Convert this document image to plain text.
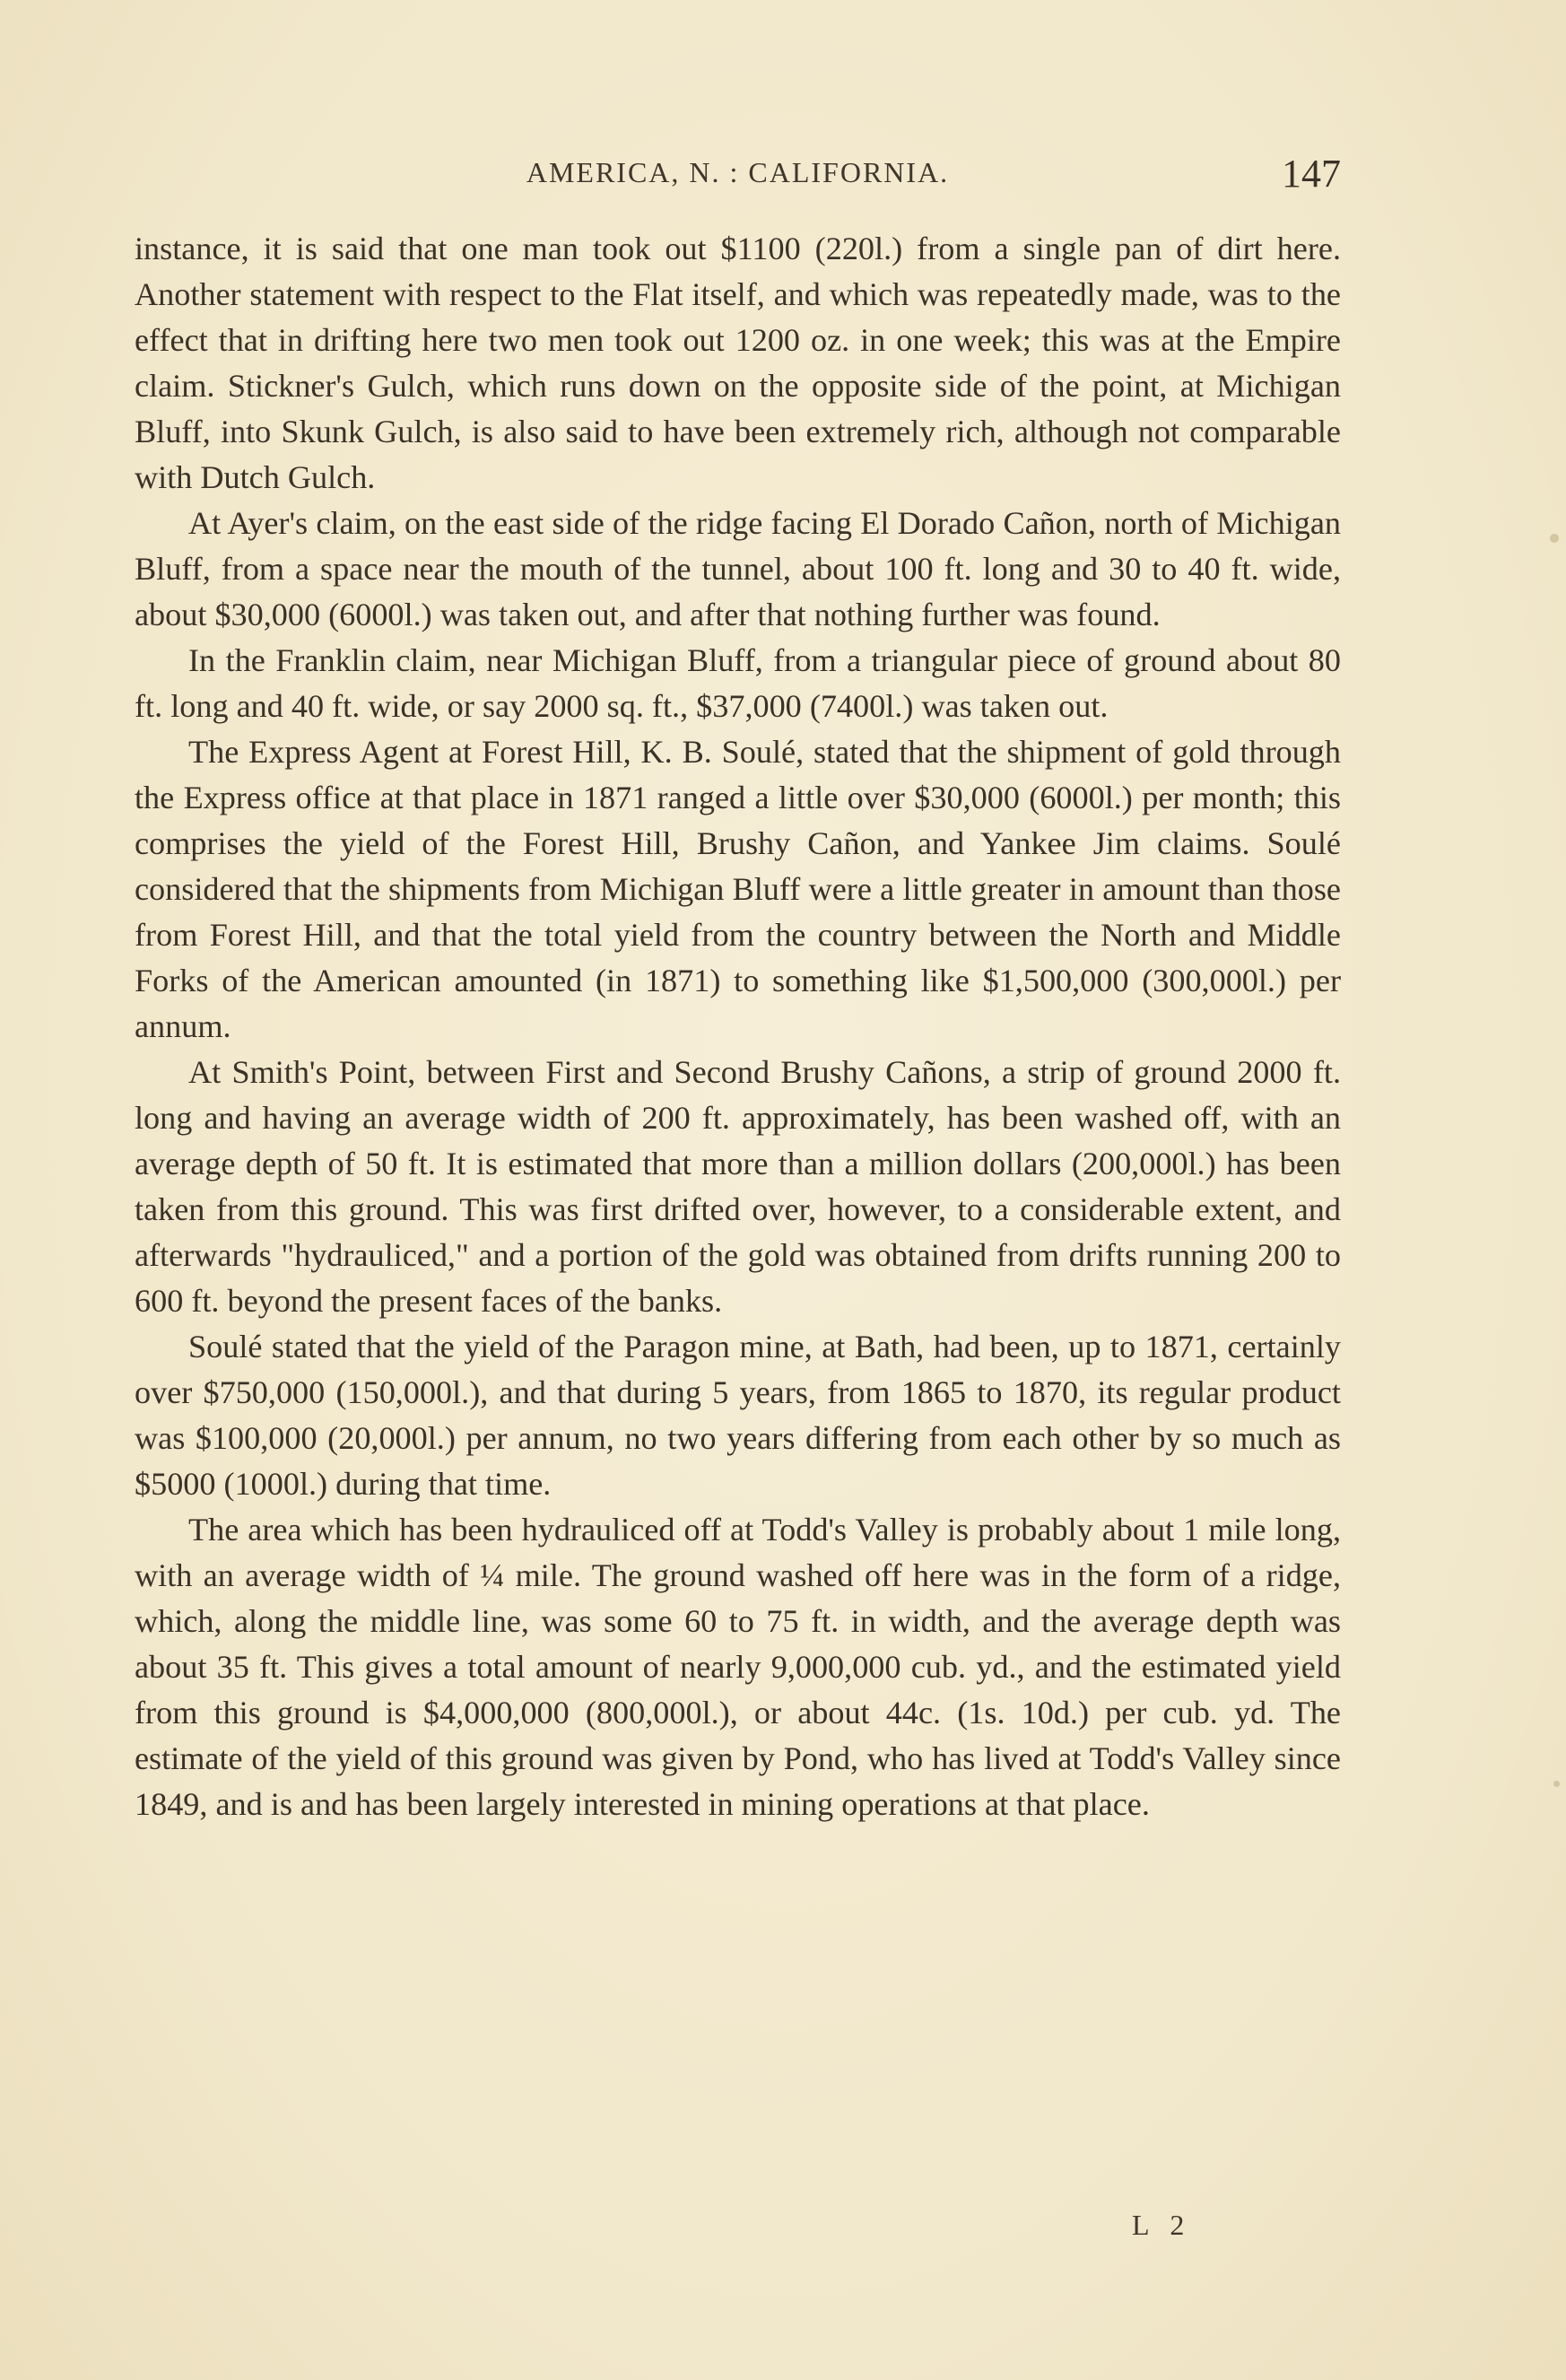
AMERICA, N. : CALIFORNIA.	147

instance, it is said that one man took out $1100 (220l.) from a single pan of dirt here. Another statement with respect to the Flat itself, and which was repeatedly made, was to the effect that in drifting here two men took out 1200 oz. in one week; this was at the Empire claim. Stickner's Gulch, which runs down on the opposite side of the point, at Michigan Bluff, into Skunk Gulch, is also said to have been extremely rich, although not comparable with Dutch Gulch.

At Ayer's claim, on the east side of the ridge facing El Dorado Cañon, north of Michigan Bluff, from a space near the mouth of the tunnel, about 100 ft. long and 30 to 40 ft. wide, about $30,000 (6000l.) was taken out, and after that nothing further was found.

In the Franklin claim, near Michigan Bluff, from a triangular piece of ground about 80 ft. long and 40 ft. wide, or say 2000 sq. ft., $37,000 (7400l.) was taken out.

The Express Agent at Forest Hill, K. B. Soulé, stated that the shipment of gold through the Express office at that place in 1871 ranged a little over $30,000 (6000l.) per month; this comprises the yield of the Forest Hill, Brushy Cañon, and Yankee Jim claims. Soulé considered that the shipments from Michigan Bluff were a little greater in amount than those from Forest Hill, and that the total yield from the country between the North and Middle Forks of the American amounted (in 1871) to something like $1,500,000 (300,000l.) per annum.

At Smith's Point, between First and Second Brushy Cañons, a strip of ground 2000 ft. long and having an average width of 200 ft. approximately, has been washed off, with an average depth of 50 ft. It is estimated that more than a million dollars (200,000l.) has been taken from this ground. This was first drifted over, however, to a considerable extent, and afterwards "hydrauliced," and a portion of the gold was obtained from drifts running 200 to 600 ft. beyond the present faces of the banks.

Soulé stated that the yield of the Paragon mine, at Bath, had been, up to 1871, certainly over $750,000 (150,000l.), and that during 5 years, from 1865 to 1870, its regular product was $100,000 (20,000l.) per annum, no two years differing from each other by so much as $5000 (1000l.) during that time.

The area which has been hydrauliced off at Todd's Valley is probably about 1 mile long, with an average width of ¼ mile. The ground washed off here was in the form of a ridge, which, along the middle line, was some 60 to 75 ft. in width, and the average depth was about 35 ft. This gives a total amount of nearly 9,000,000 cub. yd., and the estimated yield from this ground is $4,000,000 (800,000l.), or about 44c. (1s. 10d.) per cub. yd. The estimate of the yield of this ground was given by Pond, who has lived at Todd's Valley since 1849, and is and has been largely interested in mining operations at that place.

L 2
